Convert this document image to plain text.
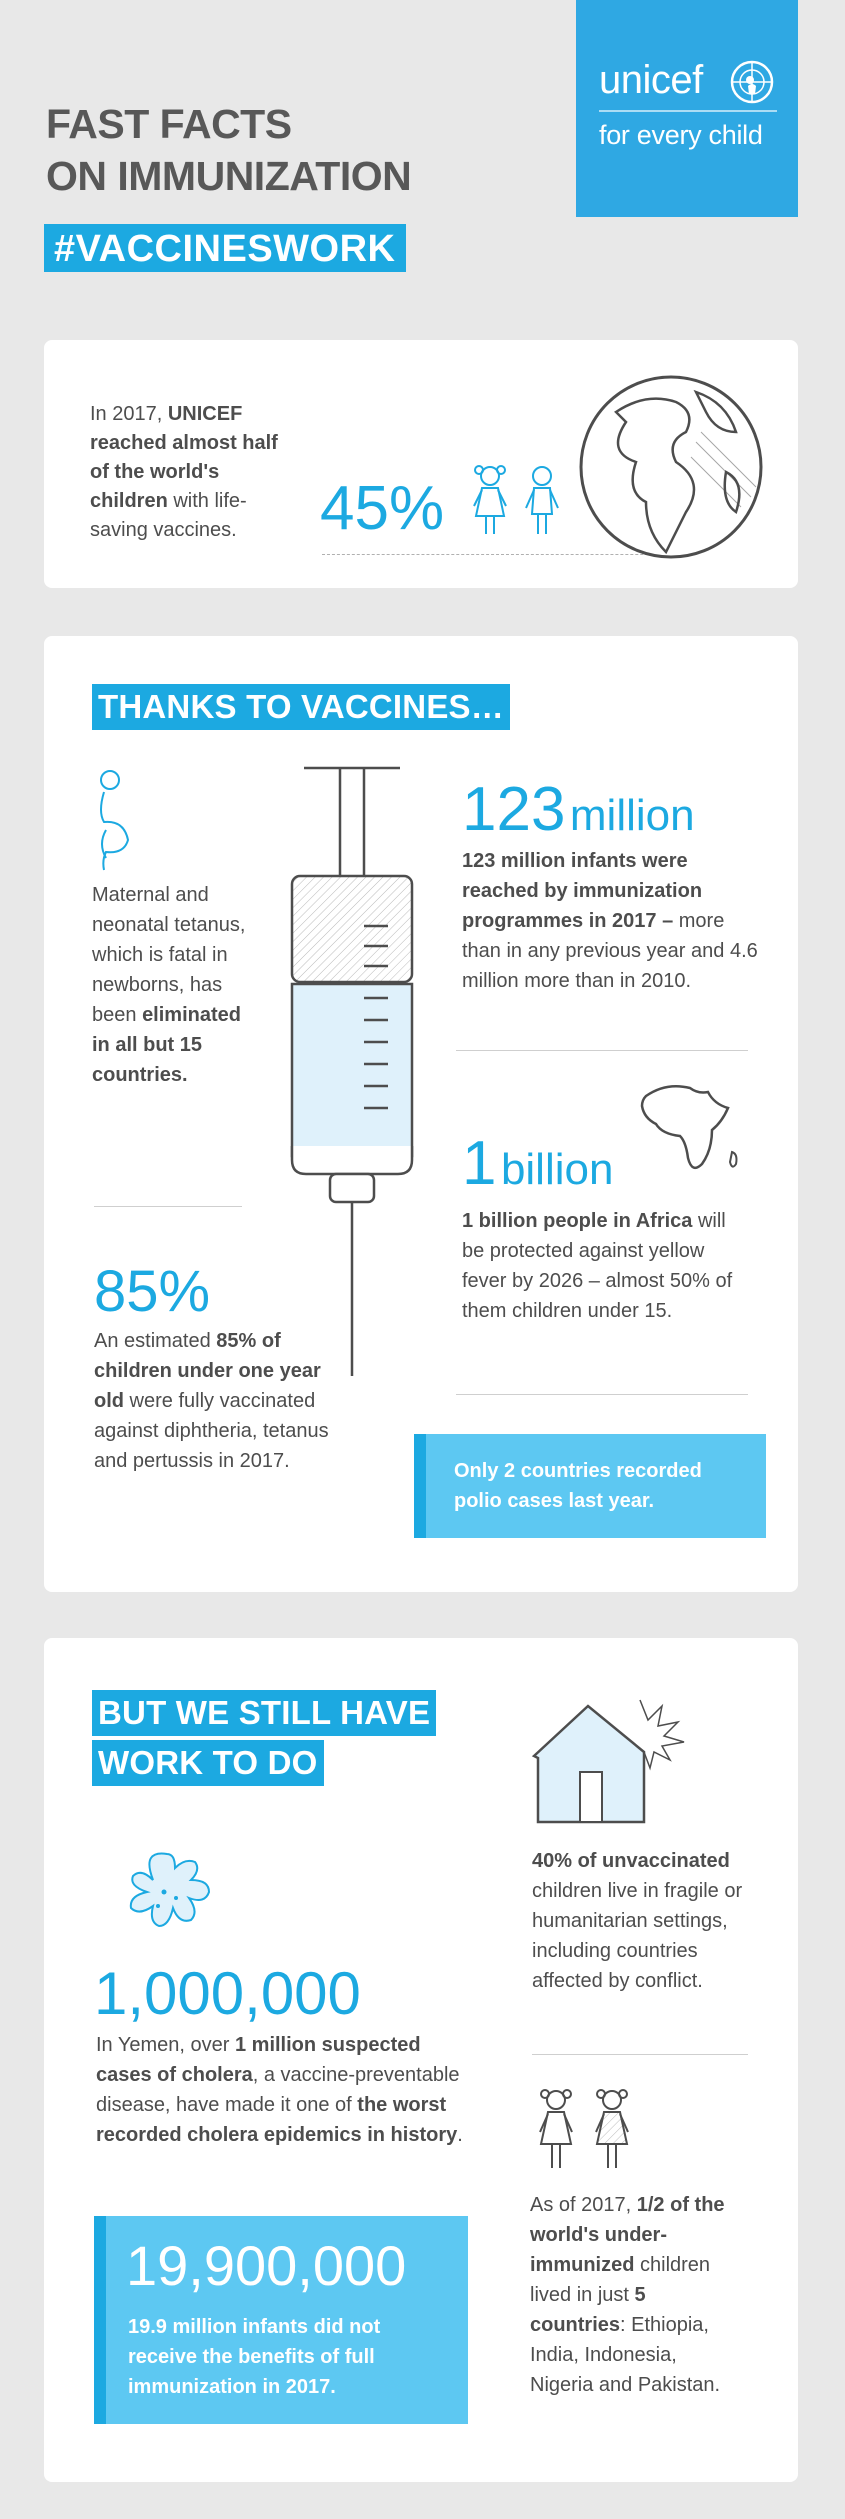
FAST FACTS
ON IMMUNIZATION
#VACCINESWORK
unicef
for every child
In 2017, UNICEF reached almost half of the world's children with life-saving vaccines.	45%
THANKS TO VACCINES…
Maternal and neonatal tetanus, which is fatal in newborns, has been eliminated in all but 15 countries.
85%
An estimated 85% of children under one year old were fully vaccinated against diphtheria, tetanus and pertussis in 2017.
123 million
123 million infants were reached by immunization programmes in 2017 – more than in any previous year and 4.6 million more than in 2010.
1 billion
1 billion people in Africa will be protected against yellow fever by 2026 – almost 50% of them children under 15.
Only 2 countries recorded polio cases last year.
BUT WE STILL HAVE
WORK TO DO
1,000,000
In Yemen, over 1 million suspected cases of cholera, a vaccine-preventable disease, have made it one of the worst recorded cholera epidemics in history.
19,900,000
19.9 million infants did not receive the benefits of full immunization in 2017.
40% of unvaccinated children live in fragile or humanitarian settings, including countries affected by conflict.
As of 2017, 1/2 of the world's under-immunized children lived in just 5 countries: Ethiopia, India, Indonesia, Nigeria and Pakistan.
